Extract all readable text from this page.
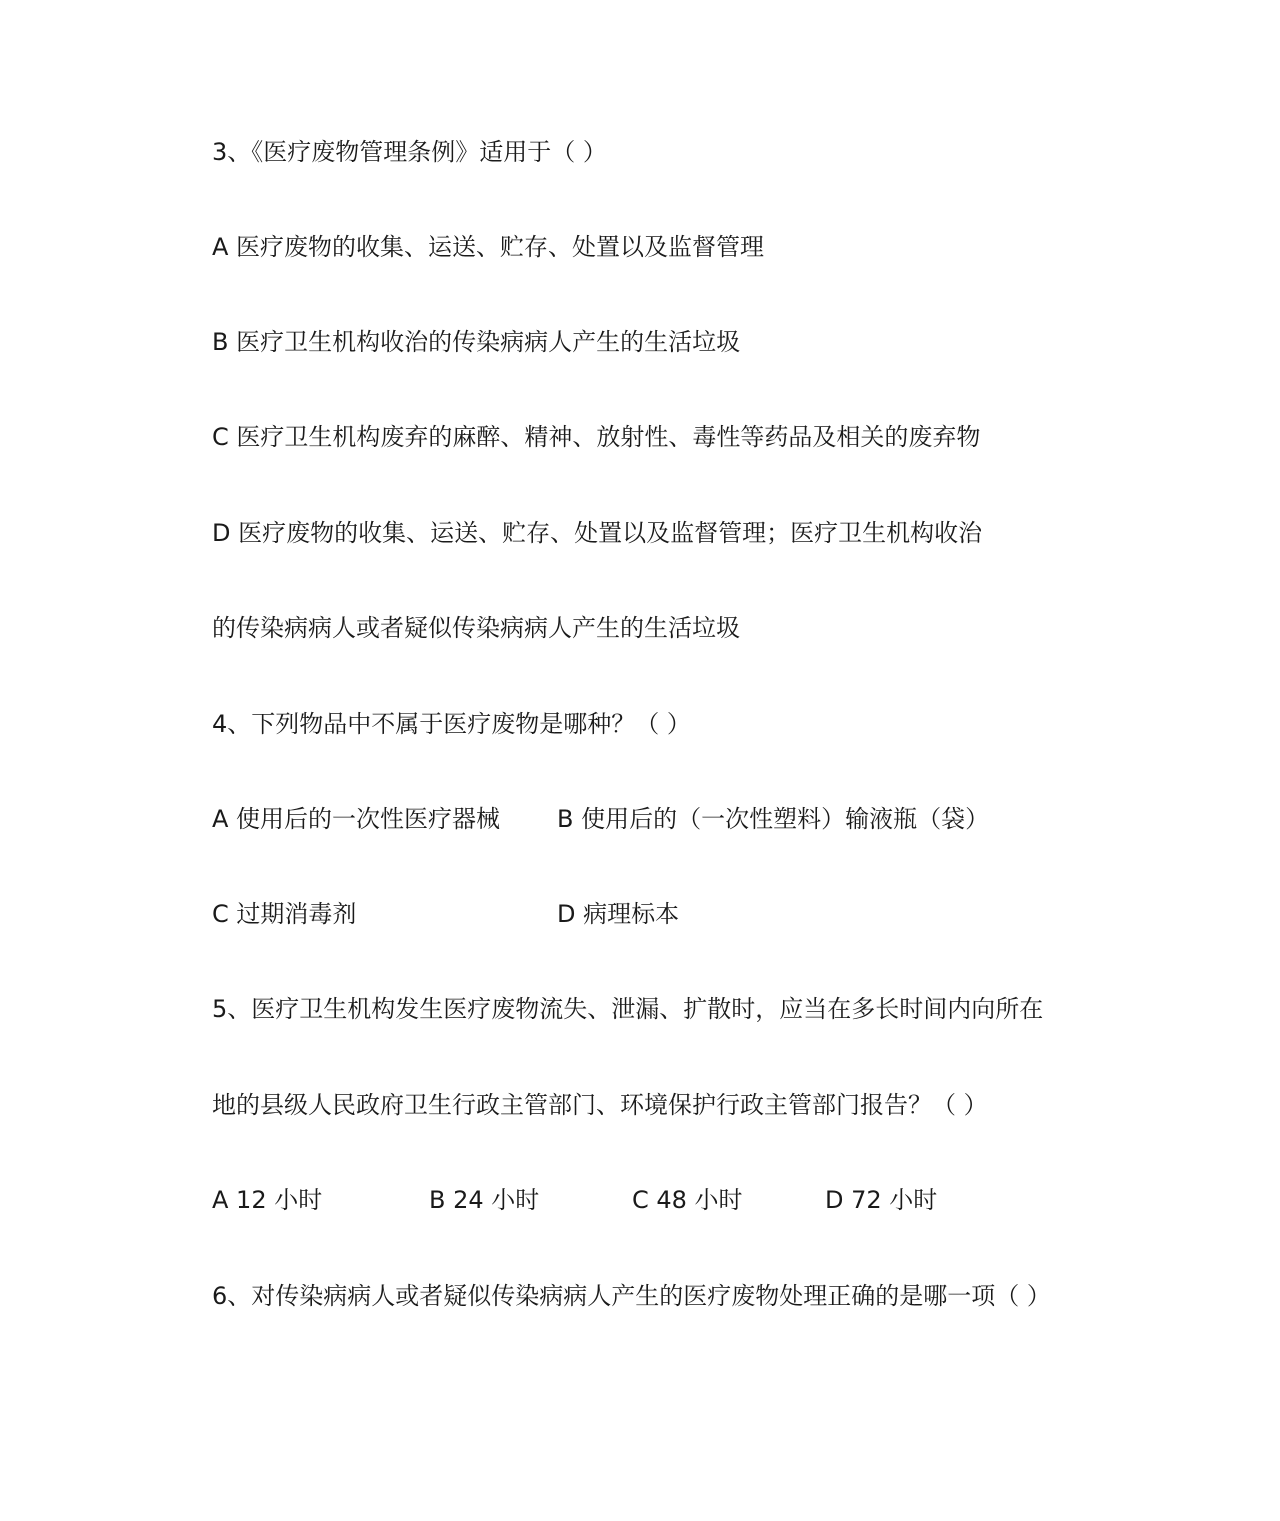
3、《医疗废物管理条例》适用于（ ）
A 医疗废物的收集、运送、贮存、处置以及监督管理
B 医疗卫生机构收治的传染病病人产生的生活垃圾
C 医疗卫生机构废弃的麻醉、精神、放射性、毒性等药品及相关的废弃物
D 医疗废物的收集、运送、贮存、处置以及监督管理；医疗卫生机构收治
的传染病病人或者疑似传染病病人产生的生活垃圾
4、下列物品中不属于医疗废物是哪种？（ ）
A 使用后的一次性医疗器械 B 使用后的（一次性塑料）输液瓶（袋）
C 过期消毒剂	D 病理标本
5、医疗卫生机构发生医疗废物流失、泄漏、扩散时，应当在多长时间内向所在
地的县级人民政府卫生行政主管部门、环境保护行政主管部门报告？（ ）
A 12 小时	B 24 小时	C 48 小时	D 72 小时
6、对传染病病人或者疑似传染病病人产生的医疗废物处理正确的是哪一项（ ）
